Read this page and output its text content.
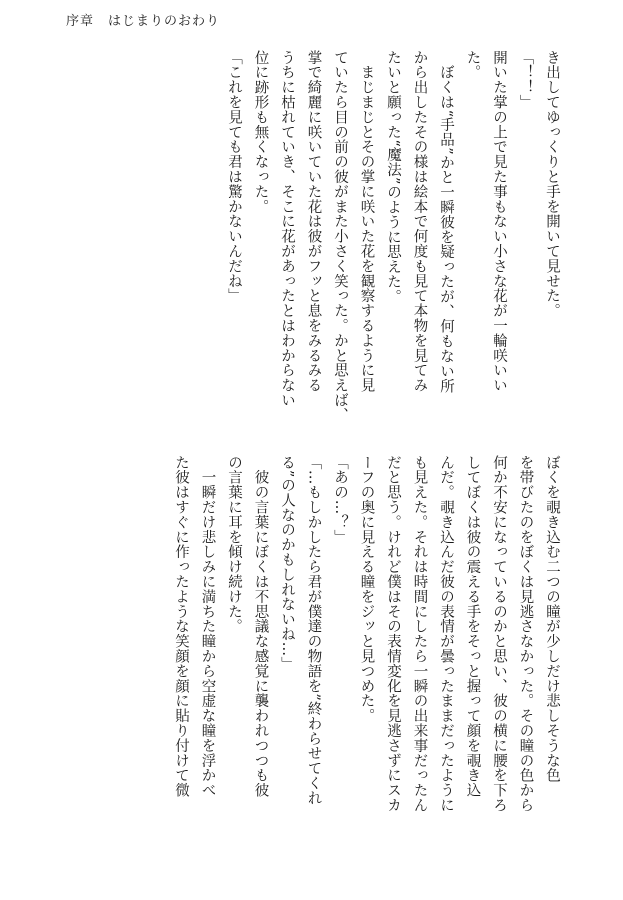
序章 はじまりのおわり

き出してゆっくりと手を開いて見せた。

「！！」

開いた掌の上で見た事もない小さな花が一輪咲いい

た。

　ぼくは“手品”かと一瞬彼を疑ったが、何もない所

から出したその様は絵本で何度も見て本物を見てみ

たいと願った“魔法”のように思えた。

　まじまじとその掌に咲いた花を観察するように見

ていたら目の前の彼がまた小さく笑った。かと思えば、

掌で綺麗に咲いていた花は彼がフッと息をみるみる

うちに枯れていき、そこに花があったとはわからない

位に跡形も無くなった。

「これを見ても君は驚かないんだね」

ぼくを覗き込む二つの瞳が少しだけ悲しそうな色

を帯びたのをぼくは見逃さなかった。その瞳の色から

何か不安になっているのかと思い、彼の横に腰を下ろ

してぼくは彼の震える手をそっと握って顔を覗き込

んだ。覗き込んだ彼の表情が曇ったままだったように

も見えた。それは時間にしたら一瞬の出来事だったん

だと思う。けれど僕はその表情変化を見逃さずにスカ

ーフの奥に見える瞳をジッと見つめた。

「あの…？」

「…もしかしたら君が僕達の物語を”終わらせてくれ

る”の人なのかもしれないね…」

　彼の言葉にぼくは不思議な感覚に襲われつつも彼

の言葉に耳を傾け続けた。

　一瞬だけ悲しみに満ちた瞳から空虚な瞳を浮かべ

た彼はすぐに作ったような笑顔を顔に貼り付けて微
